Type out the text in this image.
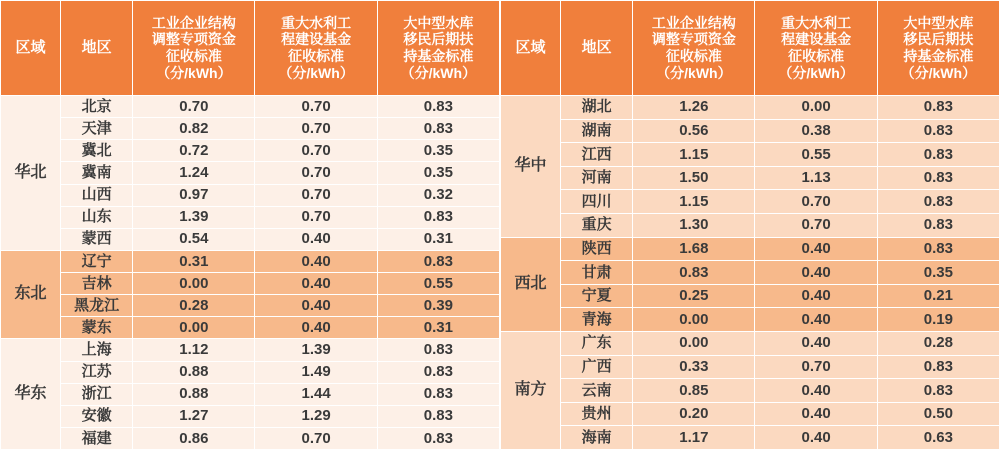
区域	地区	工业企业结构
调整专项资金
征收标准
（分/kWh）	重大水利工
程建设基金
征收标准
（分/kWh）	大中型水库
移民后期扶
持基金标准
（分/kWh）

华北	北京	0.70	0.70	0.83
	天津	0.82	0.70	0.83
	冀北	0.72	0.70	0.35
	冀南	1.24	0.70	0.35
	山西	0.97	0.70	0.32
	山东	1.39	0.70	0.83
	蒙西	0.54	0.40	0.31
东北	辽宁	0.31	0.40	0.83
	吉林	0.00	0.40	0.55
	黑龙江	0.28	0.40	0.39
	蒙东	0.00	0.40	0.31
华东	上海	1.12	1.39	0.83
	江苏	0.88	1.49	0.83
	浙江	0.88	1.44	0.83
	安徽	1.27	1.29	0.83
	福建	0.86	0.70	0.83
区域	地区	工业企业结构
调整专项资金
征收标准
（分/kWh）	重大水利工
程建设基金
征收标准
（分/kWh）	大中型水库
移民后期扶
持基金标准
（分/kWh）

华中	湖北	1.26	0.00	0.83
	湖南	0.56	0.38	0.83
	江西	1.15	0.55	0.83
	河南	1.50	1.13	0.83
	四川	1.15	0.70	0.83
	重庆	1.30	0.70	0.83
西北	陕西	1.68	0.40	0.83
	甘肃	0.83	0.40	0.35
	宁夏	0.25	0.40	0.21
	青海	0.00	0.40	0.19
南方	广东	0.00	0.40	0.28
	广西	0.33	0.70	0.83
	云南	0.85	0.40	0.83
	贵州	0.20	0.40	0.50
	海南	1.17	0.40	0.63
